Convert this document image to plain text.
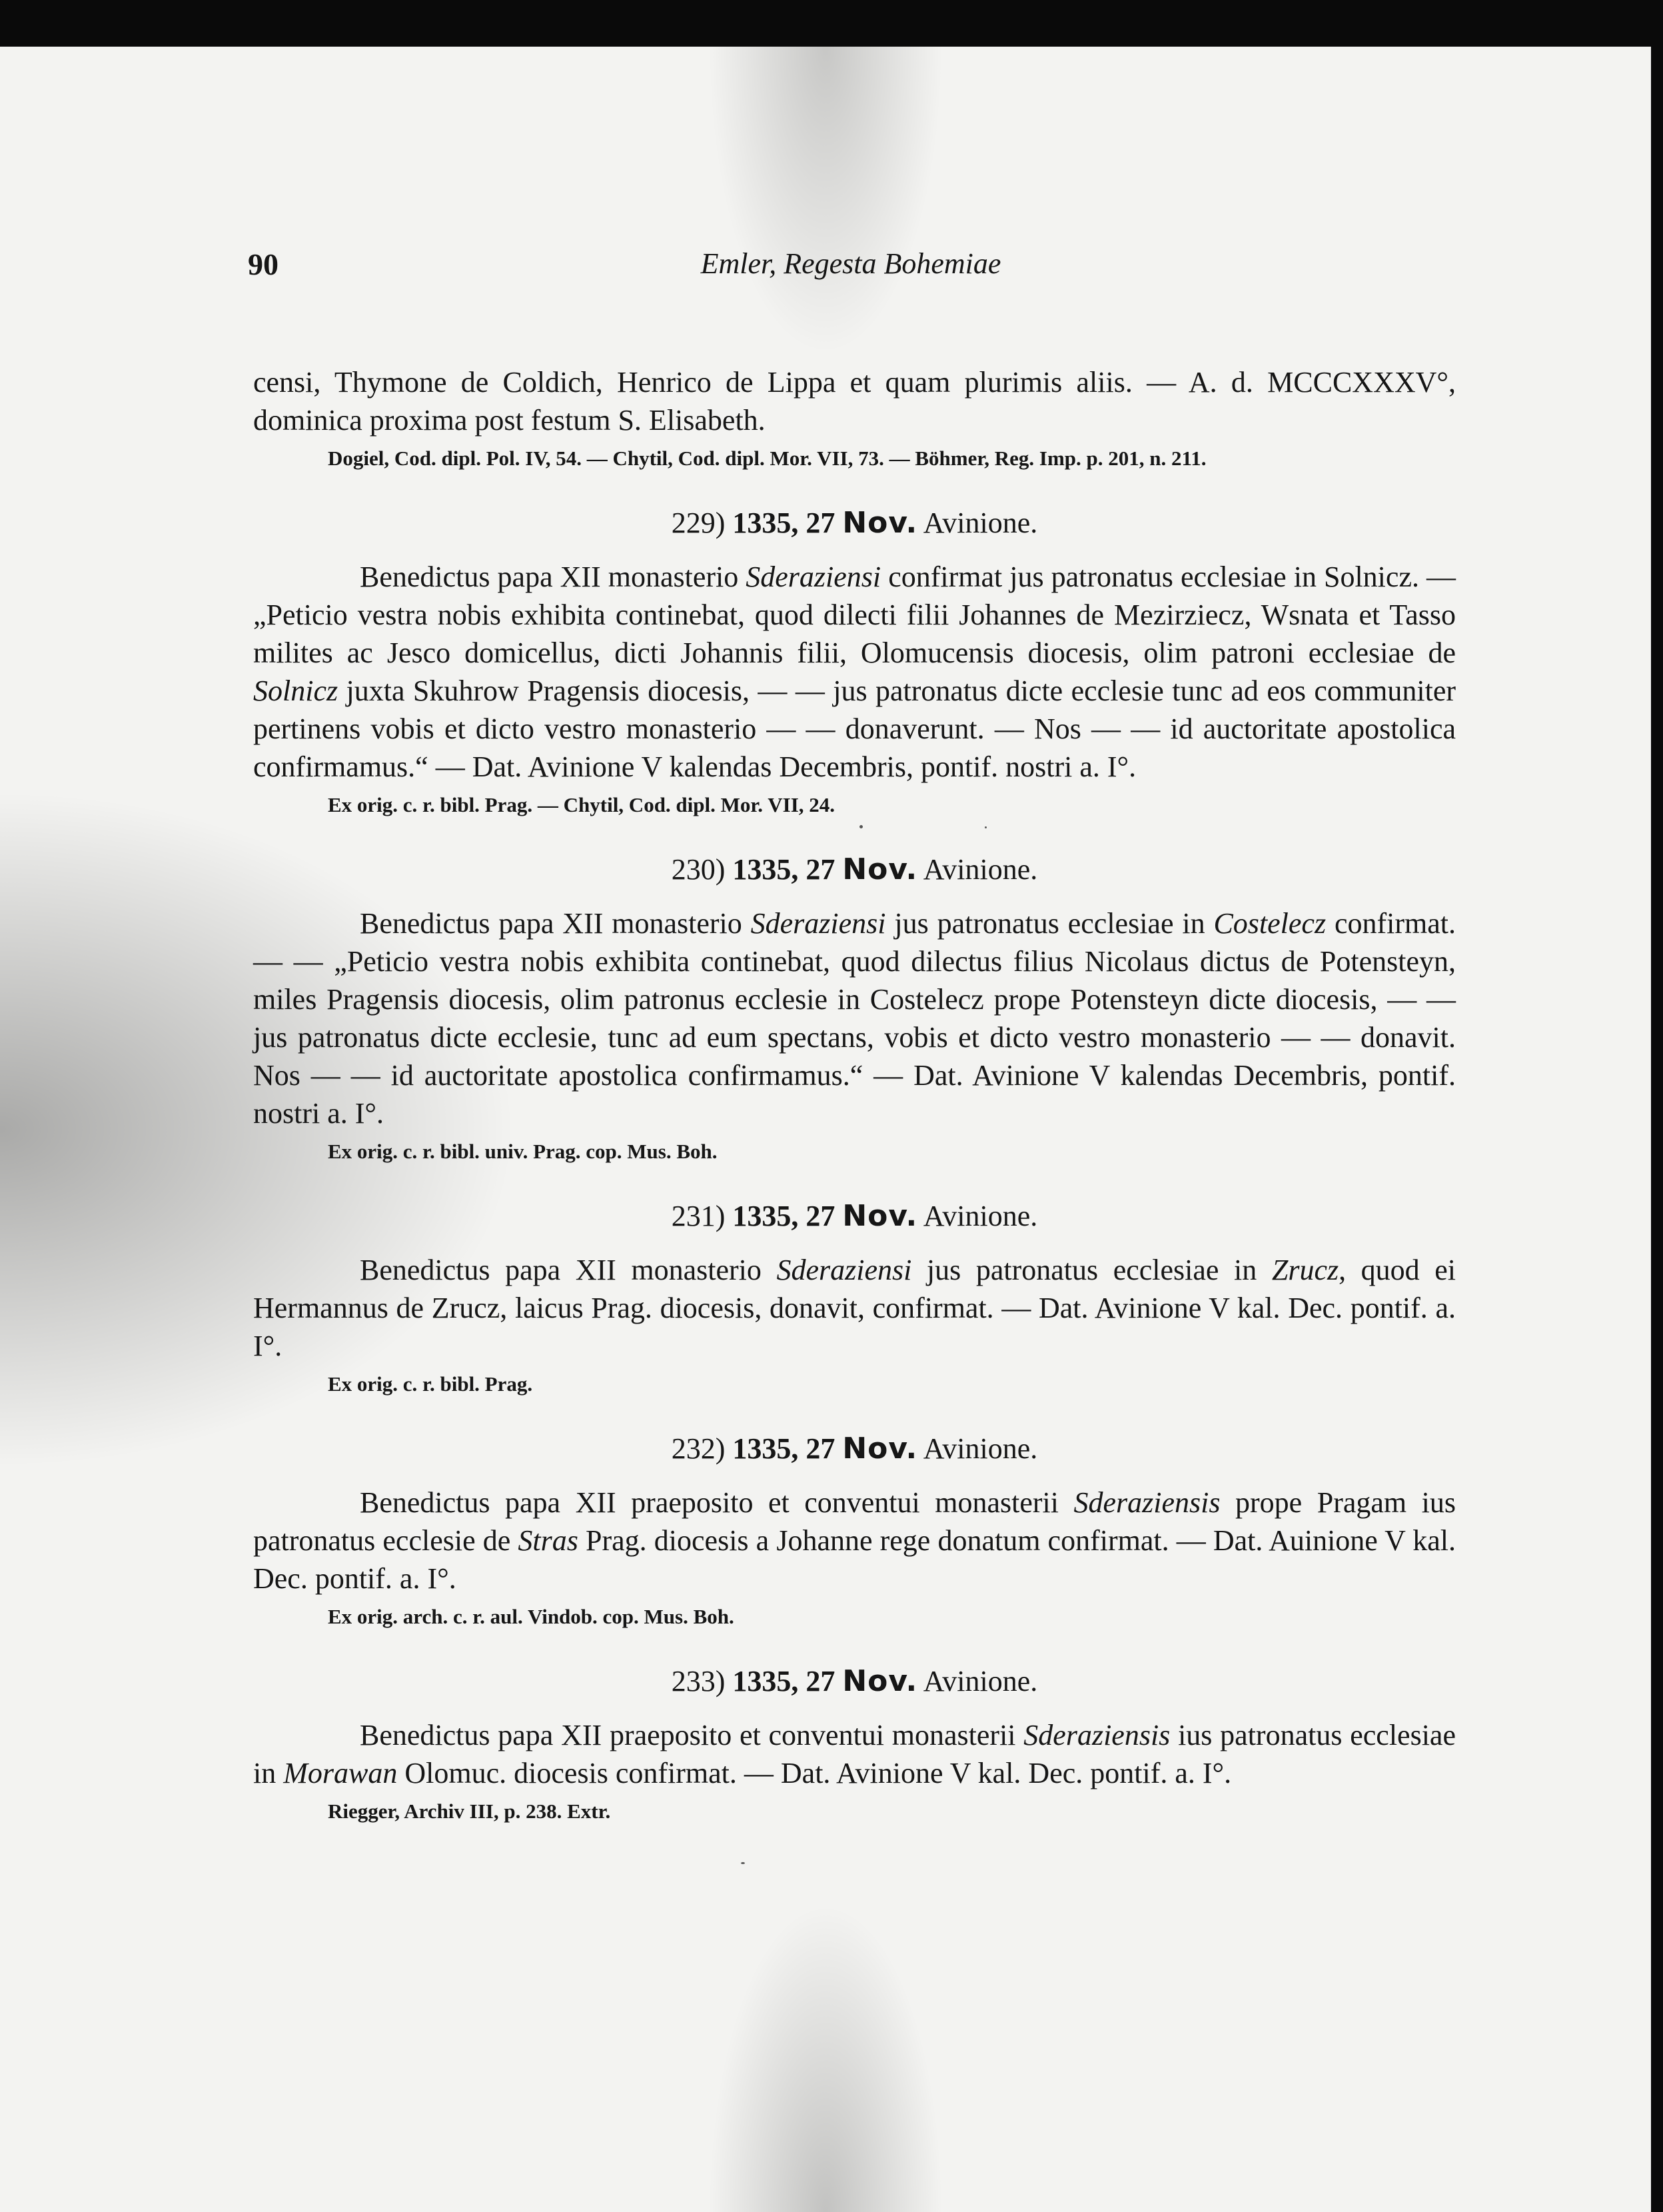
90	Emler, Regesta Bohemiae

censi, Thymone de Coldich, Henrico de Lippa et quam plurimis aliis. — A. d. MCCCXXXV°, dominica proxima post festum S. Elisabeth.

Dogiel, Cod. dipl. Pol. IV, 54. — Chytil, Cod. dipl. Mor. VII, 73. — Böhmer, Reg. Imp. p. 201, n. 211.

229) 1335, 27 Nov. Avinione.

Benedictus papa XII monasterio Sderaziensi confirmat jus patronatus ecclesiae in Solnicz. — „Peticio vestra nobis exhibita continebat, quod dilecti filii Johannes de Mezirziecz, Wsnata et Tasso milites ac Jesco domicellus, dicti Johannis filii, Olomucensis diocesis, olim patroni ecclesiae de Solnicz juxta Skuhrow Pragensis diocesis, — — jus patronatus dicte ecclesie tunc ad eos communiter pertinens vobis et dicto vestro monasterio — — donaverunt. — Nos — — id auctoritate apostolica confirmamus.“ — Dat. Avinione V kalendas Decembris, pontif. nostri a. I°.

Ex orig. c. r. bibl. Prag. — Chytil, Cod. dipl. Mor. VII, 24.

230) 1335, 27 Nov. Avinione.

Benedictus papa XII monasterio Sderaziensi jus patronatus ecclesiae in Costelecz confirmat. — — „Peticio vestra nobis exhibita continebat, quod dilectus filius Nicolaus dictus de Potensteyn, miles Pragensis diocesis, olim patronus ecclesie in Costelecz prope Potensteyn dicte diocesis, — — jus patronatus dicte ecclesie, tunc ad eum spectans, vobis et dicto vestro monasterio — — donavit. Nos — — id auctoritate apostolica confirmamus.“ — Dat. Avinione V kalendas Decembris, pontif. nostri a. I°.

Ex orig. c. r. bibl. univ. Prag. cop. Mus. Boh.

231) 1335, 27 Nov. Avinione.

Benedictus papa XII monasterio Sderaziensi jus patronatus ecclesiae in Zrucz, quod ei Hermannus de Zrucz, laicus Prag. diocesis, donavit, confirmat. — Dat. Avinione V kal. Dec. pontif. a. I°.

Ex orig. c. r. bibl. Prag.

232) 1335, 27 Nov. Avinione.

Benedictus papa XII praeposito et conventui monasterii Sderaziensis prope Pragam ius patronatus ecclesie de Stras Prag. diocesis a Johanne rege donatum confirmat. — Dat. Auinione V kal. Dec. pontif. a. I°.

Ex orig. arch. c. r. aul. Vindob. cop. Mus. Boh.

233) 1335, 27 Nov. Avinione.

Benedictus papa XII praeposito et conventui monasterii Sderaziensis ius patronatus ecclesiae in Morawan Olomuc. diocesis confirmat. — Dat. Avinione V kal. Dec. pontif. a. I°.

Riegger, Archiv III, p. 238. Extr.
